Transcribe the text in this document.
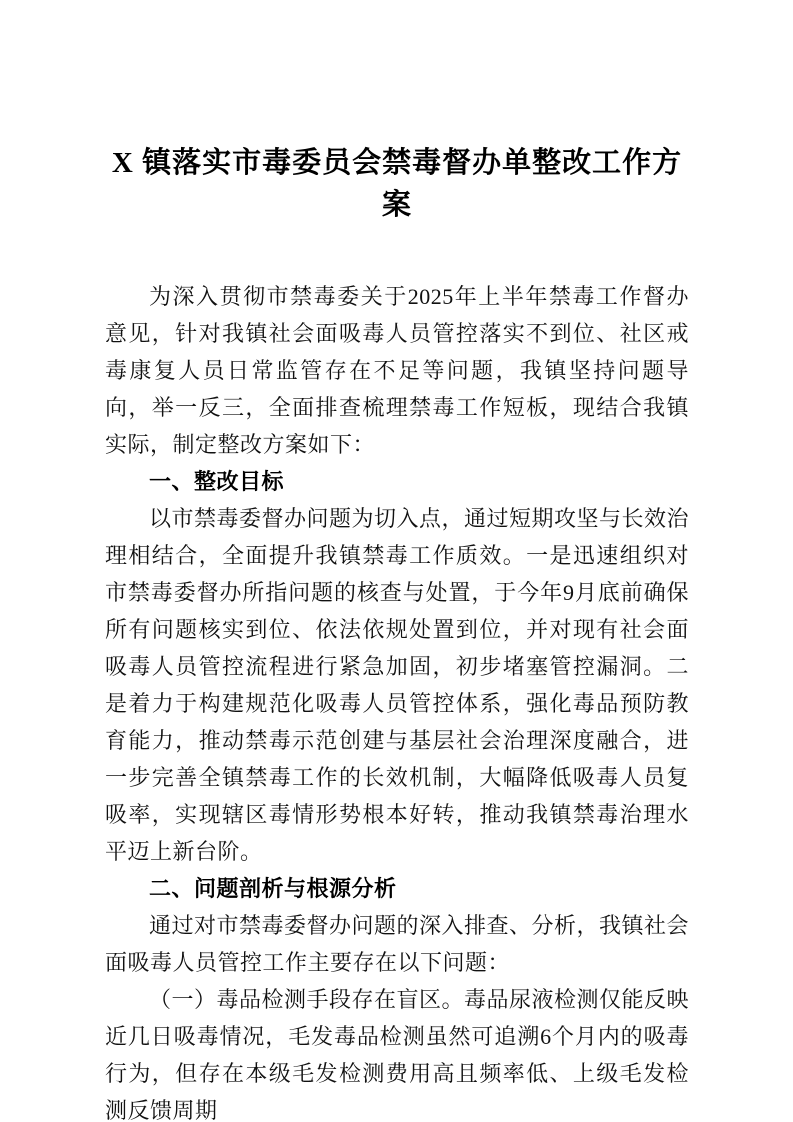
X 镇落实市毒委员会禁毒督办单整改工作方案

为深入贯彻市禁毒委关于2025年上半年禁毒工作督办意见，针对我镇社会面吸毒人员管控落实不到位、社区戒毒康复人员日常监管存在不足等问题，我镇坚持问题导向，举一反三，全面排查梳理禁毒工作短板，现结合我镇实际，制定整改方案如下：

一、整改目标

以市禁毒委督办问题为切入点，通过短期攻坚与长效治理相结合，全面提升我镇禁毒工作质效。一是迅速组织对市禁毒委督办所指问题的核查与处置，于今年9月底前确保所有问题核实到位、依法依规处置到位，并对现有社会面吸毒人员管控流程进行紧急加固，初步堵塞管控漏洞。二是着力于构建规范化吸毒人员管控体系，强化毒品预防教育能力，推动禁毒示范创建与基层社会治理深度融合，进一步完善全镇禁毒工作的长效机制，大幅降低吸毒人员复吸率，实现辖区毒情形势根本好转，推动我镇禁毒治理水平迈上新台阶。

二、问题剖析与根源分析

通过对市禁毒委督办问题的深入排查、分析，我镇社会面吸毒人员管控工作主要存在以下问题：

（一）毒品检测手段存在盲区。毒品尿液检测仅能反映近几日吸毒情况，毛发毒品检测虽然可追溯6个月内的吸毒行为，但存在本级毛发检测费用高且频率低、上级毛发检测反馈周期
